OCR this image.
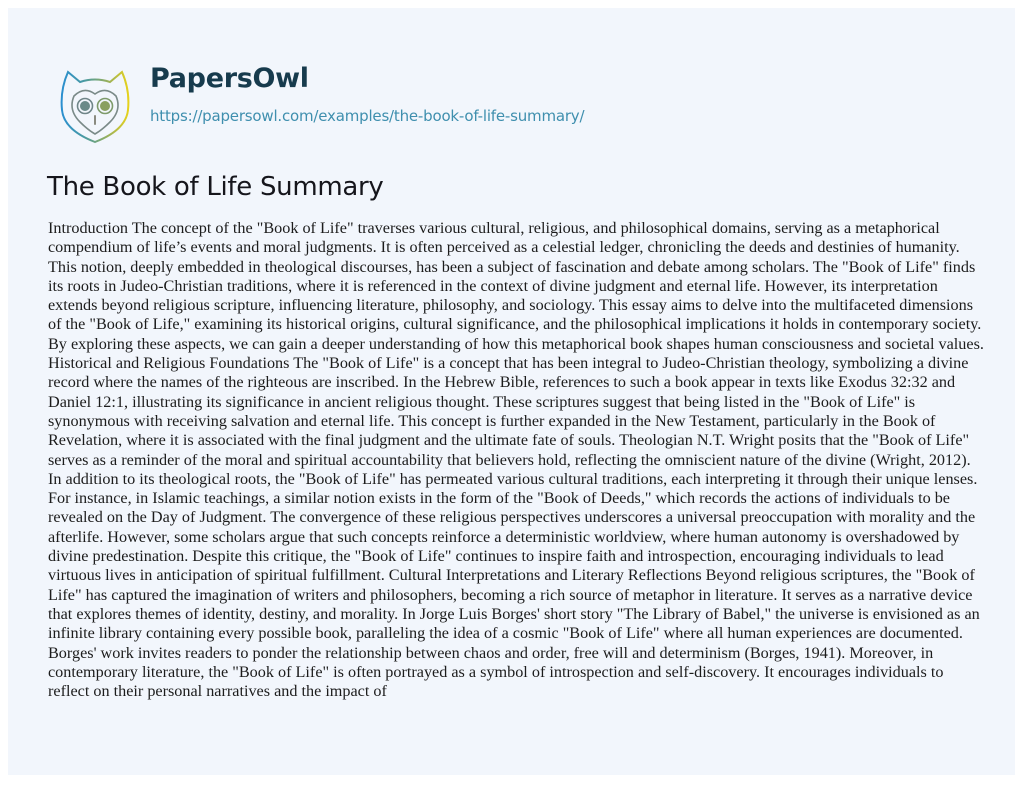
PapersOwl
https://papersowl.com/examples/the-book-of-life-summary/
The Book of Life Summary
Introduction The concept of the "Book of Life" traverses various cultural, religious, and philosophical domains, serving as a metaphorical
compendium of life’s events and moral judgments. It is often perceived as a celestial ledger, chronicling the deeds and destinies of humanity.
This notion, deeply embedded in theological discourses, has been a subject of fascination and debate among scholars. The "Book of Life" finds
its roots in Judeo-Christian traditions, where it is referenced in the context of divine judgment and eternal life. However, its interpretation
extends beyond religious scripture, influencing literature, philosophy, and sociology. This essay aims to delve into the multifaceted dimensions
of the "Book of Life," examining its historical origins, cultural significance, and the philosophical implications it holds in contemporary society.
By exploring these aspects, we can gain a deeper understanding of how this metaphorical book shapes human consciousness and societal values.
Historical and Religious Foundations The "Book of Life" is a concept that has been integral to Judeo-Christian theology, symbolizing a divine
record where the names of the righteous are inscribed. In the Hebrew Bible, references to such a book appear in texts like Exodus 32:32 and
Daniel 12:1, illustrating its significance in ancient religious thought. These scriptures suggest that being listed in the "Book of Life" is
synonymous with receiving salvation and eternal life. This concept is further expanded in the New Testament, particularly in the Book of
Revelation, where it is associated with the final judgment and the ultimate fate of souls. Theologian N.T. Wright posits that the "Book of Life"
serves as a reminder of the moral and spiritual accountability that believers hold, reflecting the omniscient nature of the divine (Wright, 2012).
In addition to its theological roots, the "Book of Life" has permeated various cultural traditions, each interpreting it through their unique lenses.
For instance, in Islamic teachings, a similar notion exists in the form of the "Book of Deeds," which records the actions of individuals to be
revealed on the Day of Judgment. The convergence of these religious perspectives underscores a universal preoccupation with morality and the
afterlife. However, some scholars argue that such concepts reinforce a deterministic worldview, where human autonomy is overshadowed by
divine predestination. Despite this critique, the "Book of Life" continues to inspire faith and introspection, encouraging individuals to lead
virtuous lives in anticipation of spiritual fulfillment. Cultural Interpretations and Literary Reflections Beyond religious scriptures, the "Book of
Life" has captured the imagination of writers and philosophers, becoming a rich source of metaphor in literature. It serves as a narrative device
that explores themes of identity, destiny, and morality. In Jorge Luis Borges' short story "The Library of Babel," the universe is envisioned as an
infinite library containing every possible book, paralleling the idea of a cosmic "Book of Life" where all human experiences are documented.
Borges' work invites readers to ponder the relationship between chaos and order, free will and determinism (Borges, 1941). Moreover, in
contemporary literature, the "Book of Life" is often portrayed as a symbol of introspection and self-discovery. It encourages individuals to
reflect on their personal narratives and the impact of
